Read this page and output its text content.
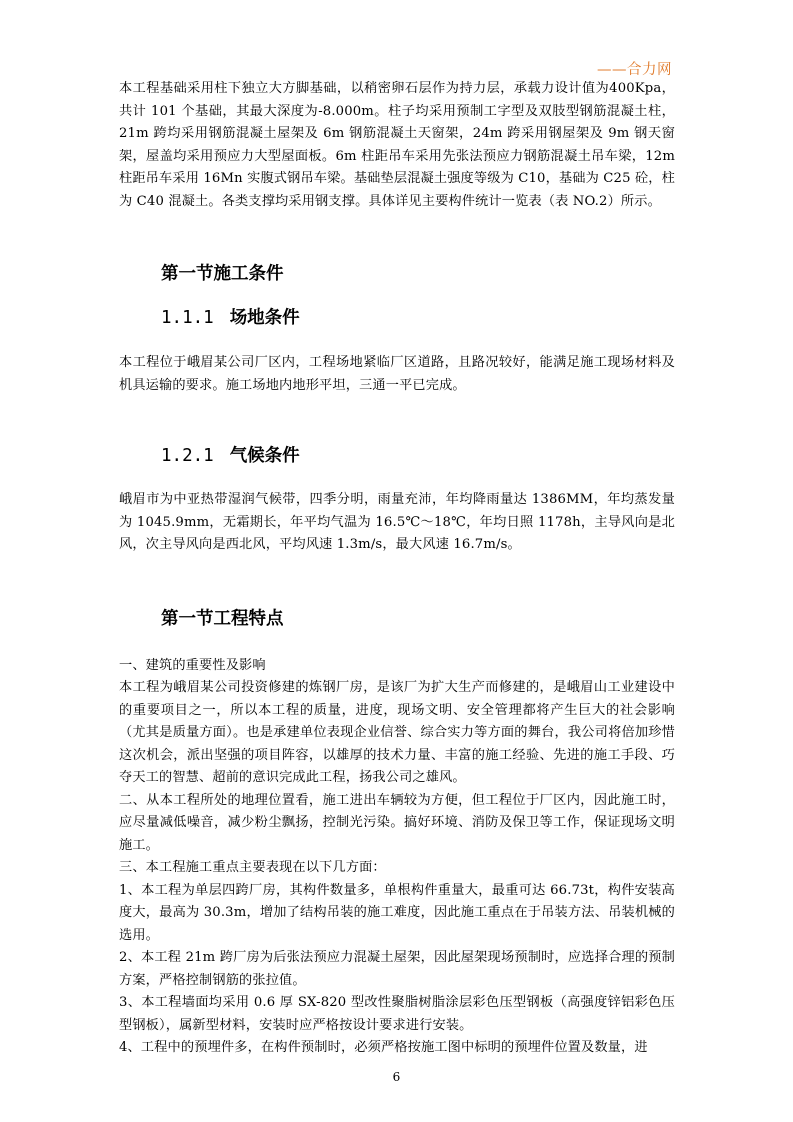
——合力网

本工程基础采用柱下独立大方脚基础，以稍密卵石层作为持力层，承载力设计值为400Kpa，共计 101 个基础，其最大深度为-8.000m。柱子均采用预制工字型及双肢型钢筋混凝土柱，21m 跨均采用钢筋混凝土屋架及 6m 钢筋混凝土天窗架，24m 跨采用钢屋架及 9m 钢天窗架，屋盖均采用预应力大型屋面板。6m 柱距吊车采用先张法预应力钢筋混凝土吊车梁，12m 柱距吊车采用 16Mn 实腹式钢吊车梁。基础垫层混凝土强度等级为 C10，基础为 C25 砼，柱为 C40 混凝土。各类支撑均采用钢支撑。具体详见主要构件统计一览表（表 NO.2）所示。

第一节施工条件
1.1.1 场地条件

本工程位于峨眉某公司厂区内，工程场地紧临厂区道路，且路况较好，能满足施工现场材料及机具运输的要求。施工场地内地形平坦，三通一平已完成。

1.2.1 气候条件

峨眉市为中亚热带湿润气候带，四季分明，雨量充沛，年均降雨量达 1386MM，年均蒸发量为 1045.9mm，无霜期长，年平均气温为 16.5℃～18℃，年均日照 1178h，主导风向是北风，次主导风向是西北风，平均风速 1.3m/s，最大风速 16.7m/s。

第一节工程特点

一、建筑的重要性及影响

本工程为峨眉某公司投资修建的炼钢厂房，是该厂为扩大生产而修建的，是峨眉山工业建设中的重要项目之一，所以本工程的质量，进度，现场文明、安全管理都将产生巨大的社会影响（尤其是质量方面）。也是承建单位表现企业信誉、综合实力等方面的舞台，我公司将倍加珍惜这次机会，派出坚强的项目阵容，以雄厚的技术力量、丰富的施工经验、先进的施工手段、巧夺天工的智慧、超前的意识完成此工程，扬我公司之雄风。

二、从本工程所处的地理位置看，施工进出车辆较为方便，但工程位于厂区内，因此施工时，应尽量减低噪音，减少粉尘飘扬，控制光污染。搞好环境、消防及保卫等工作，保证现场文明施工。

三、本工程施工重点主要表现在以下几方面：

1、本工程为单层四跨厂房，其构件数量多，单根构件重量大，最重可达 66.73t，构件安装高度大，最高为 30.3m，增加了结构吊装的施工难度，因此施工重点在于吊装方法、吊装机械的选用。

2、本工程 21m 跨厂房为后张法预应力混凝土屋架，因此屋架现场预制时，应选择合理的预制方案，严格控制钢筋的张拉值。

3、本工程墙面均采用 0.6 厚 SX-820 型改性聚脂树脂涂层彩色压型钢板（高强度锌铝彩色压型钢板），属新型材料，安装时应严格按设计要求进行安装。

4、工程中的预埋件多，在构件预制时，必须严格按施工图中标明的预埋件位置及数量，进

6
